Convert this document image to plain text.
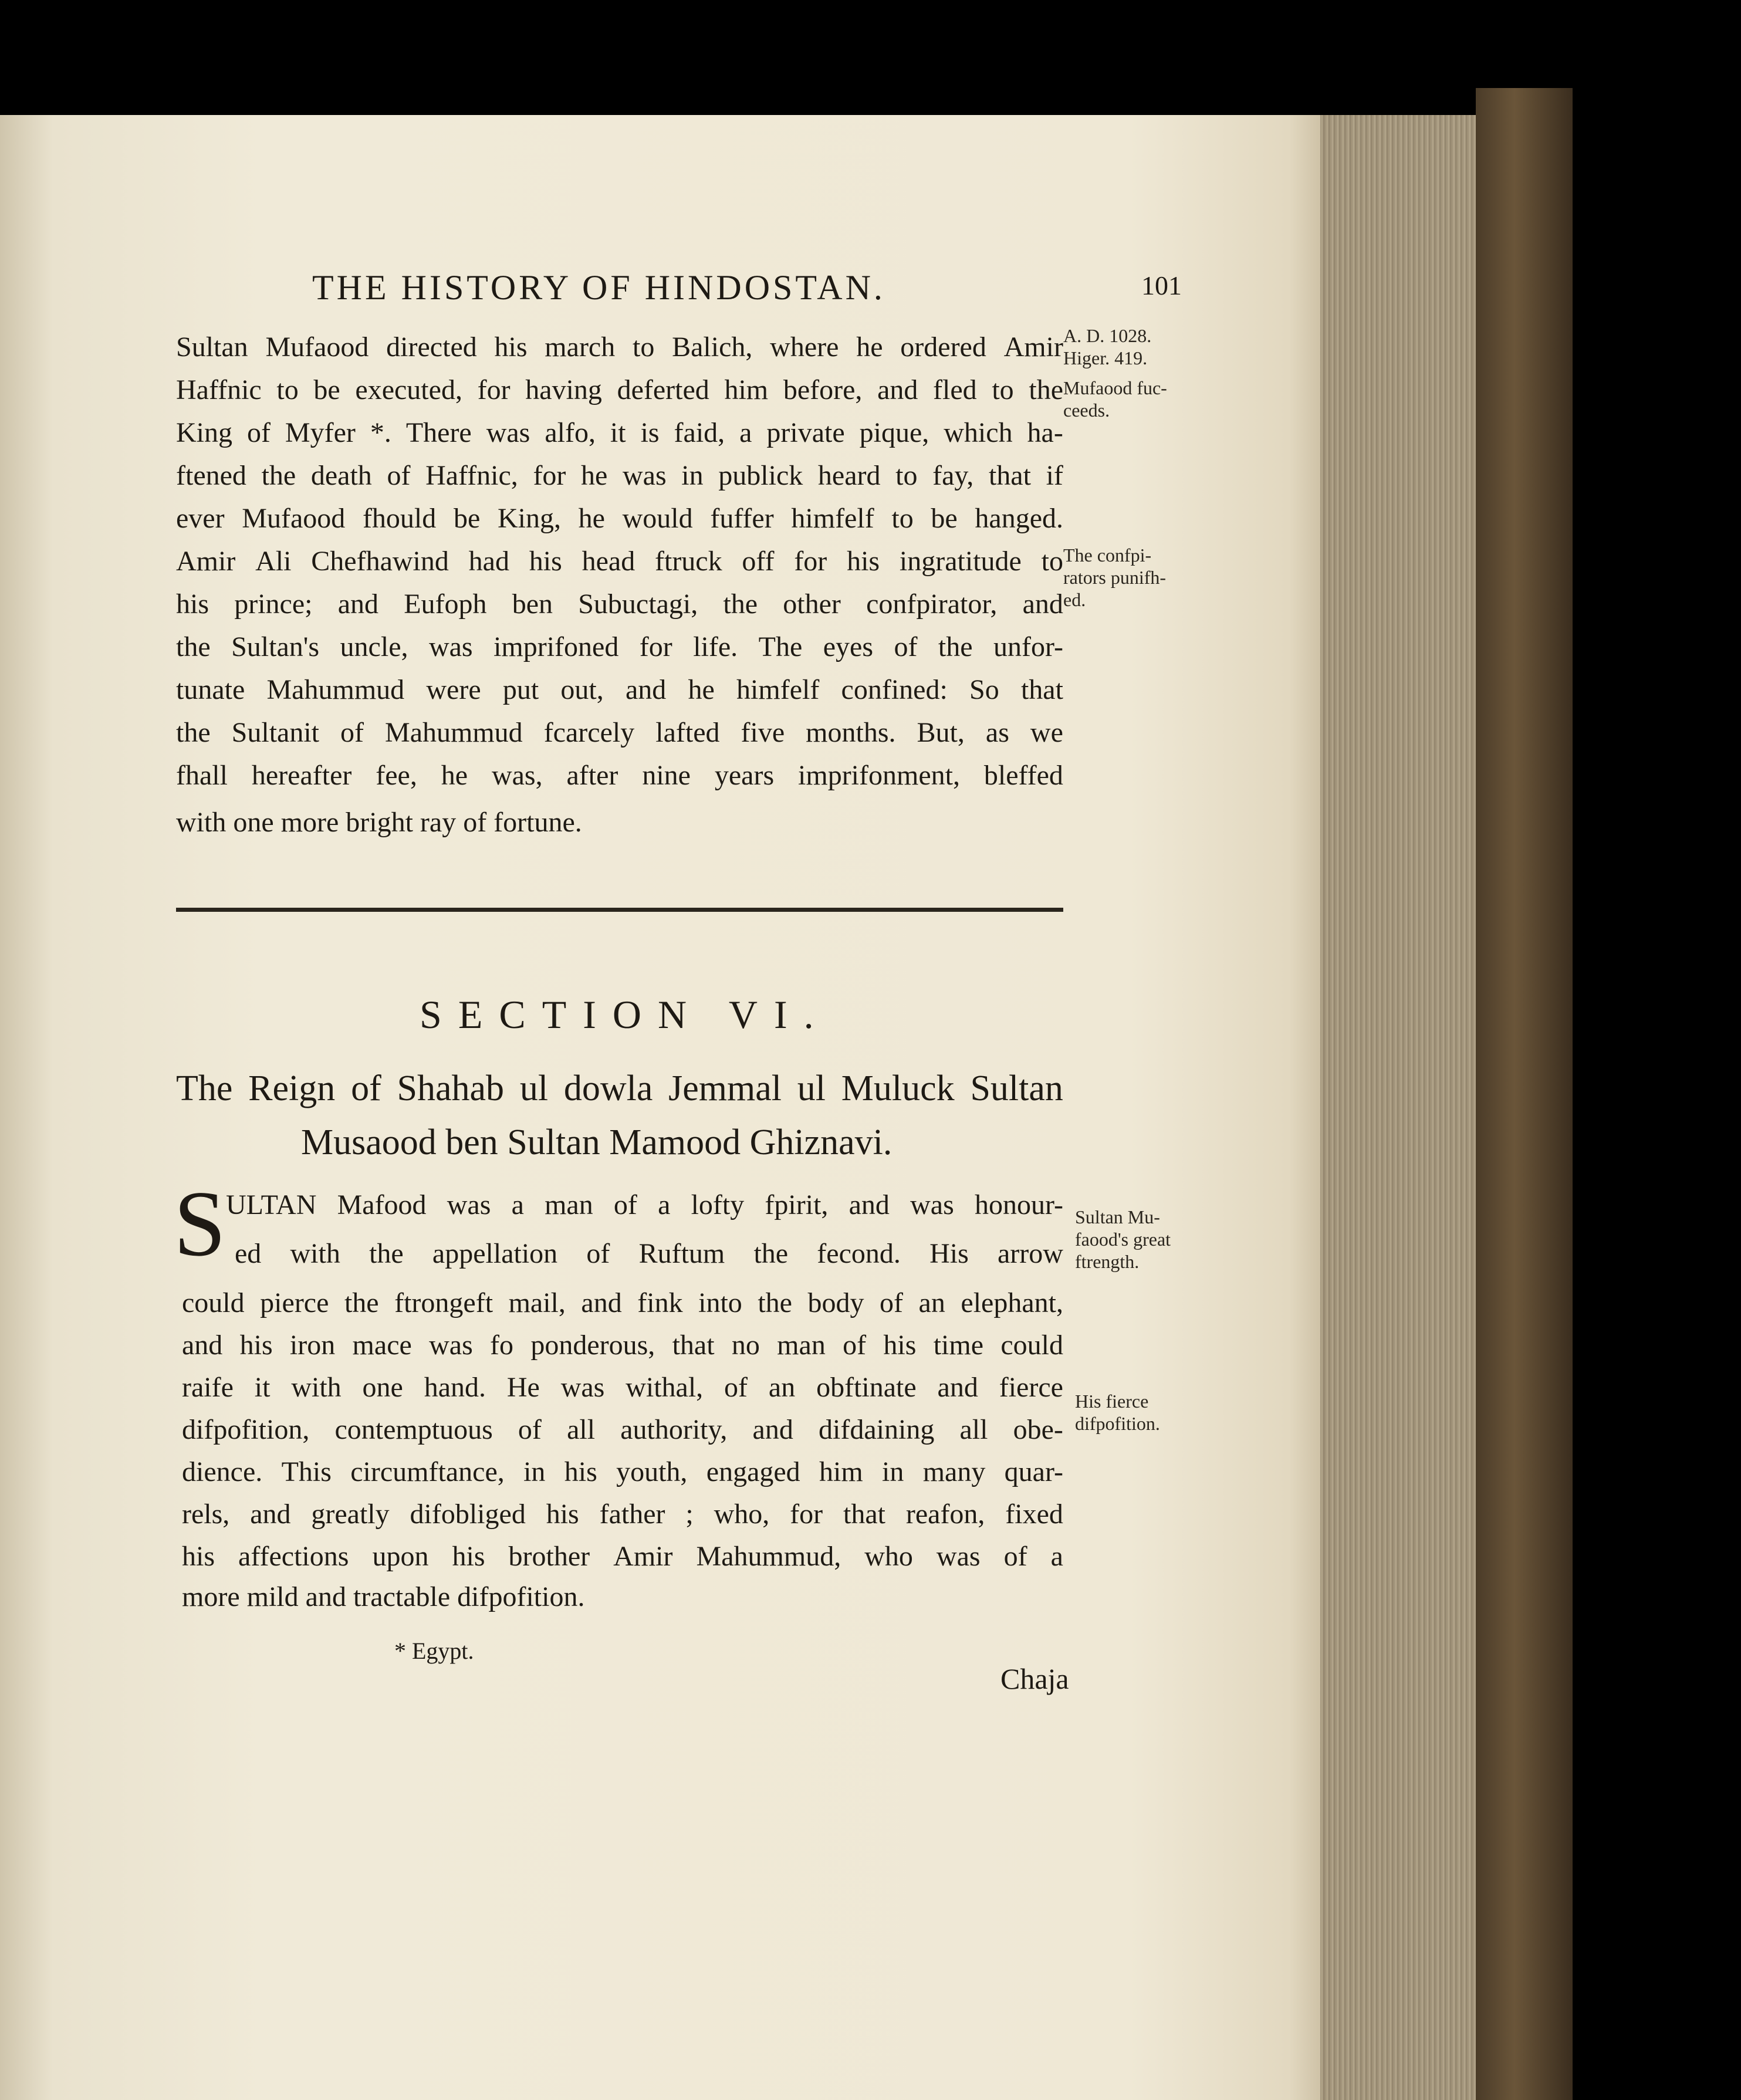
THE HISTORY OF HINDOSTAN.	101
A. D. 1028.
Higer. 419.
Mufaood fuc-
ceeds.
The confpi-
rators punifh-
ed.
Sultan Mu-
faood's great
ftrength.
His fierce
difpofition.
Sultan Mufaood directed his march to Balich, where he ordered Amir
Haffnic to be executed, for having deferted him before, and fled to the
King of Myfer *. There was alfo, it is faid, a private pique, which ha-
ftened the death of Haffnic, for he was in publick heard to fay, that if
ever Mufaood fhould be King, he would fuffer himfelf to be hanged.
Amir Ali Chefhawind had his head ftruck off for his ingratitude to
his prince; and Eufoph ben Subuctagi, the other confpirator, and
the Sultan's uncle, was imprifoned for life. The eyes of the unfor-
tunate Mahummud were put out, and he himfelf confined: So that
the Sultanit of Mahummud fcarcely lafted five months. But, as we
fhall hereafter fee, he was, after nine years imprifonment, bleffed
with one more bright ray of fortune.
SECTION VI.
The Reign of Shahab ul dowla Jemmal ul Muluck Sultan
Musaood ben Sultan Mamood Ghiznavi.
S ULTAN Mafood was a man of a lofty fpirit, and was honour-
ed with the appellation of Ruftum the fecond. His arrow
could pierce the ftrongeft mail, and fink into the body of an elephant,
and his iron mace was fo ponderous, that no man of his time could
raife it with one hand. He was withal, of an obftinate and fierce
difpofition, contemptuous of all authority, and difdaining all obe-
dience. This circumftance, in his youth, engaged him in many quar-
rels, and greatly difobliged his father ; who, for that reafon, fixed
his affections upon his brother Amir Mahummud, who was of a
more mild and tractable difpofition.
* Egypt.
Chaja
